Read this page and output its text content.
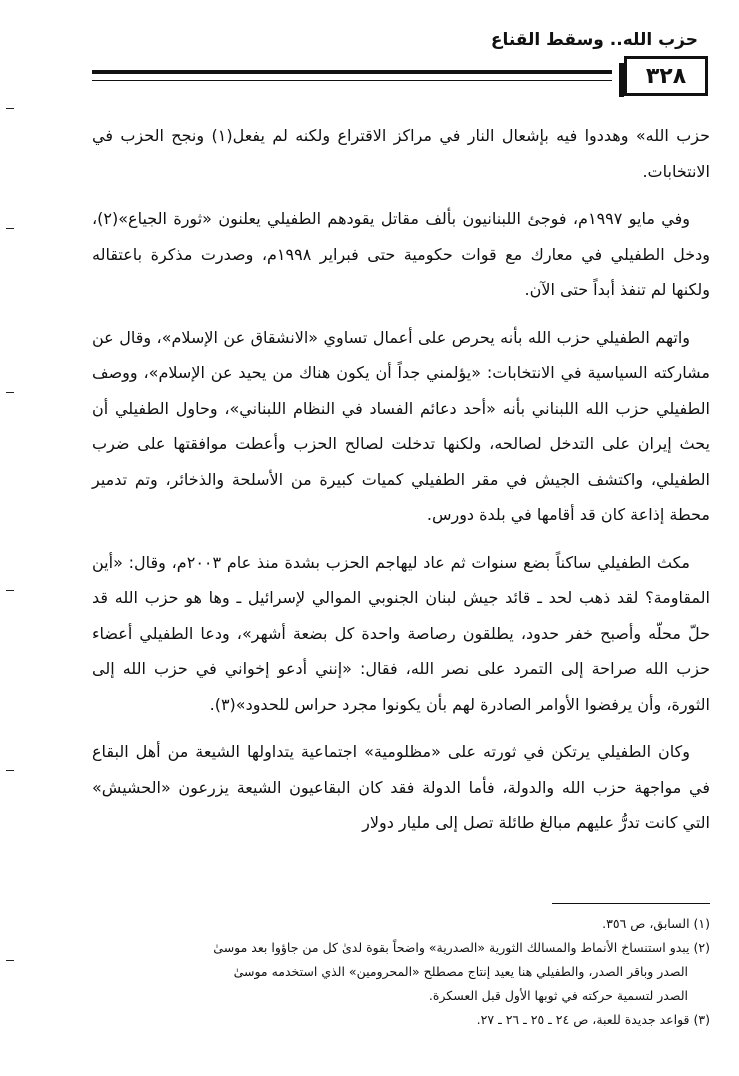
حزب الله.. وسقط القناع
٣٢٨

حزب الله» وهددوا فيه بإشعال النار في مراكز الاقتراع ولكنه لم يفعل(١) ونجح الحزب في الانتخابات.

وفي مايو ١٩٩٧م، فوجئ اللبنانيون بألف مقاتل يقودهم الطفيلي يعلنون «ثورة الجياع»(٢)، ودخل الطفيلي في معارك مع قوات حكومية حتى فبراير ١٩٩٨م، وصدرت مذكرة باعتقاله ولكنها لم تنفذ أبداً حتى الآن.

واتهم الطفيلي حزب الله بأنه يحرص على أعمال تساوي «الانشقاق عن الإسلام»، وقال عن مشاركته السياسية في الانتخابات: «يؤلمني جداً أن يكون هناك من يحيد عن الإسلام»، ووصف الطفيلي حزب الله اللبناني بأنه «أحد دعائم الفساد في النظام اللبناني»، وحاول الطفيلي أن يحث إيران على التدخل لصالحه، ولكنها تدخلت لصالح الحزب وأعطت موافقتها على ضرب الطفيلي، واكتشف الجيش في مقر الطفيلي كميات كبيرة من الأسلحة والذخائر، وتم تدمير محطة إذاعة كان قد أقامها في بلدة دورس.

مكث الطفيلي ساكناً بضع سنوات ثم عاد ليهاجم الحزب بشدة منذ عام ٢٠٠٣م، وقال: «أين المقاومة؟ لقد ذهب لحد ـ قائد جيش لبنان الجنوبي الموالي لإسرائيل ـ وها هو حزب الله قد حلّ محلّه وأصبح خفر حدود، يطلقون رصاصة واحدة كل بضعة أشهر»، ودعا الطفيلي أعضاء حزب الله صراحة إلى التمرد على نصر الله، فقال: «إنني أدعو إخواني في حزب الله إلى الثورة، وأن يرفضوا الأوامر الصادرة لهم بأن يكونوا مجرد حراس للحدود»(٣).

وكان الطفيلي يرتكن في ثورته على «مظلومية» اجتماعية يتداولها الشيعة من أهل البقاع في مواجهة حزب الله والدولة، فأما الدولة فقد كان البقاعيون الشيعة يزرعون «الحشيش» التي كانت تدرُّ عليهم مبالغ طائلة تصل إلى مليار دولار

(١) السابق، ص ٣٥٦.

(٢) يبدو استنساخ الأنماط والمسالك الثورية «الصدرية» واضحاً بقوة لدىٰ كل من جاؤوا بعد موسىٰ

الصدر وباقر الصدر، والطفيلي هنا يعيد إنتاج مصطلح «المحرومين» الذي استخدمه موسىٰ

الصدر لتسمية حركته في ثوبها الأول قبل العسكرة.

(٣) قواعد جديدة للعبة، ص ٢٤ ـ ٢٥ ـ ٢٦ ـ ٢٧.
